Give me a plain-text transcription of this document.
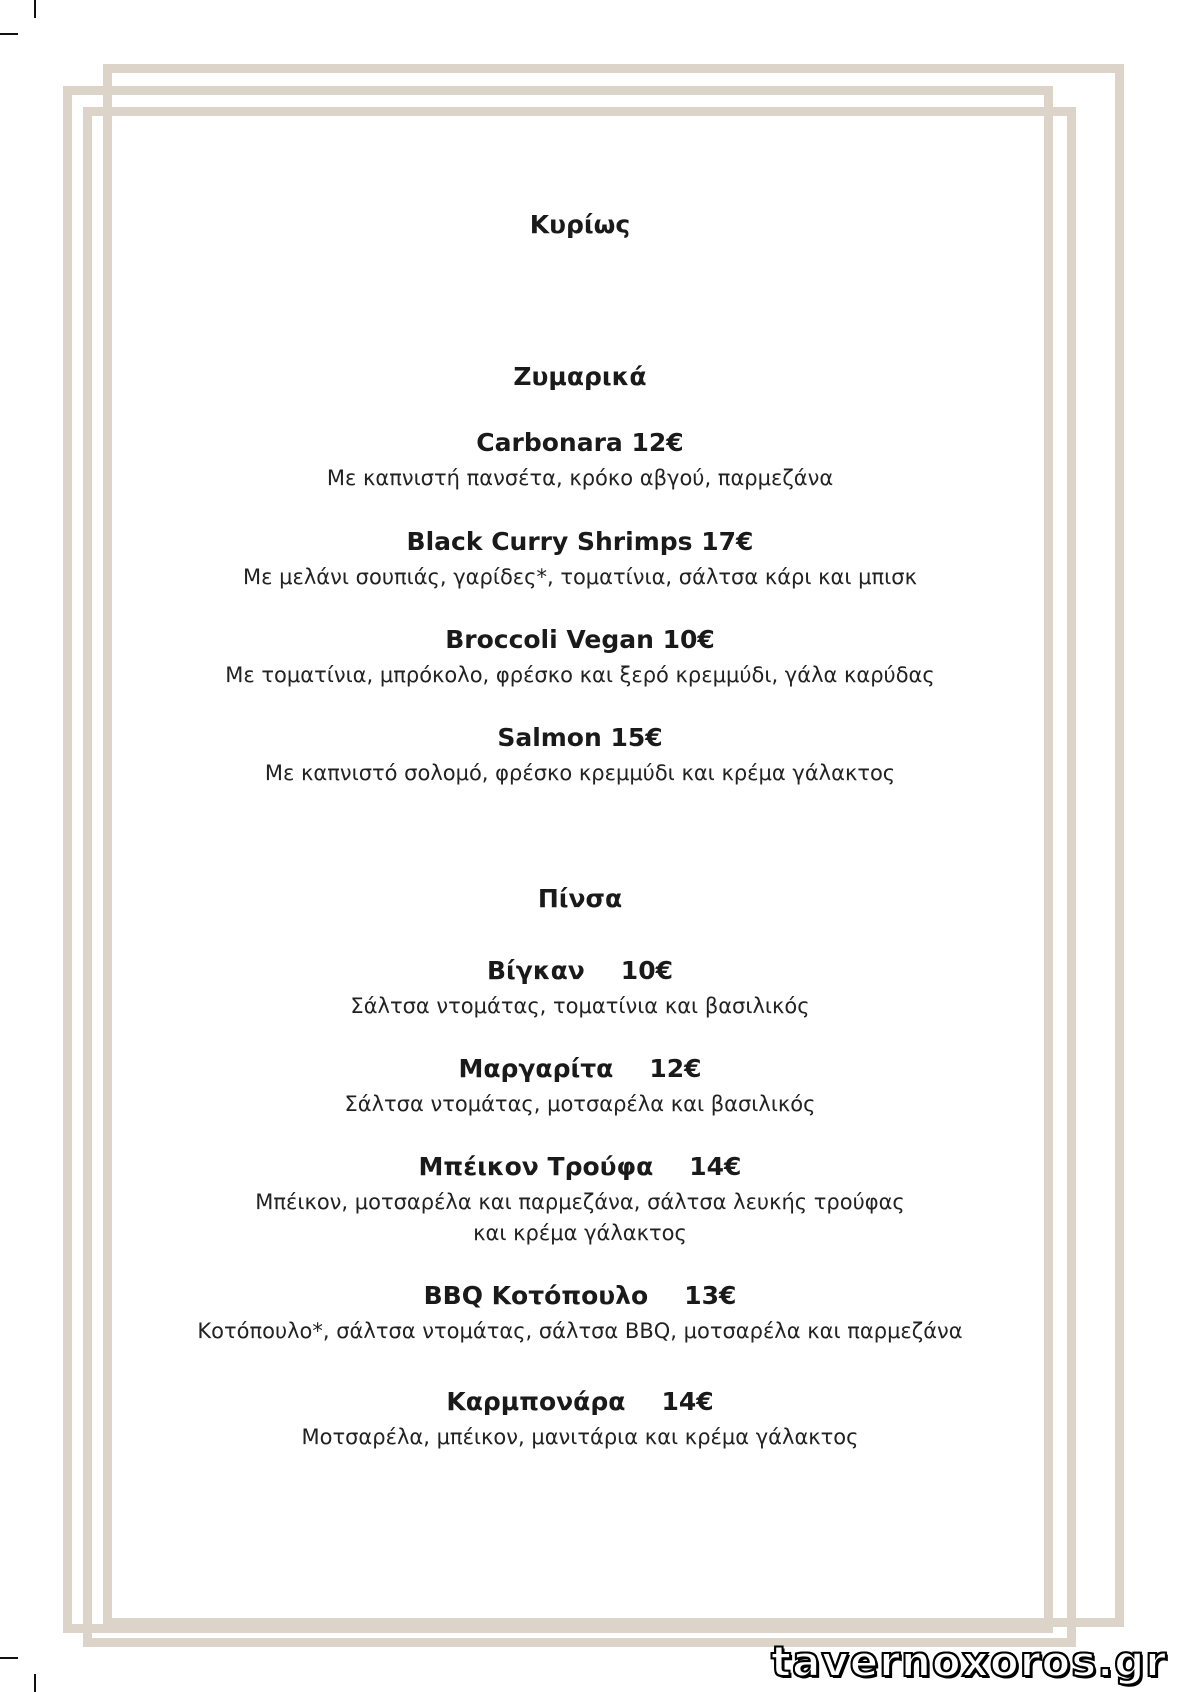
Κυρίως
Ζυμαρικά
Carbonara 12€
Με καπνιστή πανσέτα, κρόκο αβγού, παρμεζάνα
Black Curry Shrimps 17€
Με μελάνι σουπιάς, γαρίδες*, τοματίνια, σάλτσα κάρι και μπισκ
Broccoli Vegan 10€
Με τοματίνια, μπρόκολο, φρέσκο και ξερό κρεμμύδι, γάλα καρύδας
Salmon 15€
Με καπνιστό σολομό, φρέσκο κρεμμύδι και κρέμα γάλακτος
Πίνσα
Βίγκαν 10€
Σάλτσα ντομάτας, τοματίνια και βασιλικός
Μαργαρίτα 12€
Σάλτσα ντομάτας, μοτσαρέλα και βασιλικός
Μπέικον Τρούφα 14€
Μπέικον, μοτσαρέλα και παρμεζάνα, σάλτσα λευκής τρούφας
και κρέμα γάλακτος
BBQ Κοτόπουλο 13€
Κοτόπουλο*, σάλτσα ντομάτας, σάλτσα BBQ, μοτσαρέλα και παρμεζάνα
Καρμπονάρα 14€
Μοτσαρέλα, μπέικον, μανιτάρια και κρέμα γάλακτος
tavernoxoros.gr
